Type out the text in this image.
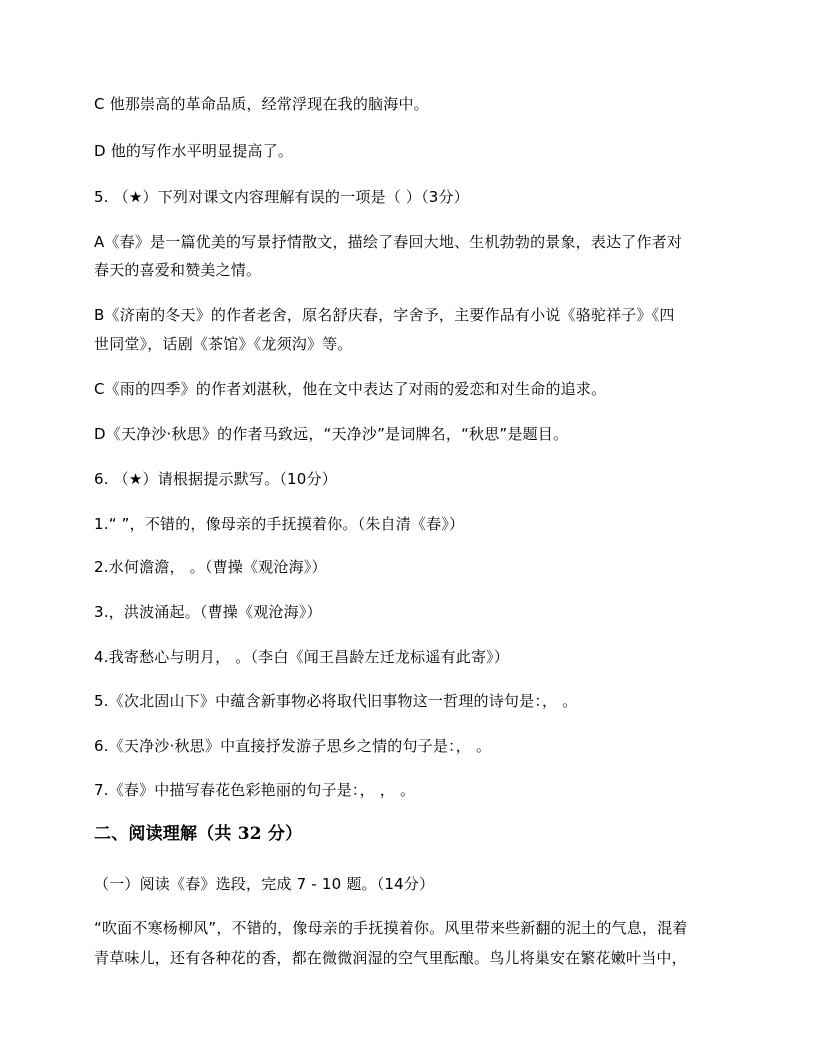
C 他那崇高的革命品质，经常浮现在我的脑海中。
D 他的写作水平明显提高了。
5. （★）下列对课文内容理解有误的一项是（ ）（3分）
A《春》是一篇优美的写景抒情散文，描绘了春回大地、生机勃勃的景象，表达了作者对
春天的喜爱和赞美之情。
B《济南的冬天》的作者老舍，原名舒庆春，字舍予，主要作品有小说《骆驼祥子》《四
世同堂》，话剧《茶馆》《龙须沟》等。
C《雨的四季》的作者刘湛秋，他在文中表达了对雨的爱恋和对生命的追求。
D《天净沙·秋思》的作者马致远，“天净沙”是词牌名，“秋思”是题目。
6. （★）请根据提示默写。（10分）
1.“ ”，不错的，像母亲的手抚摸着你。（朱自清《春》）
2.水何澹澹， 。（曹操《观沧海》）
3.，洪波涌起。（曹操《观沧海》）
4.我寄愁心与明月， 。（李白《闻王昌龄左迁龙标遥有此寄》）
5.《次北固山下》中蕴含新事物必将取代旧事物这一哲理的诗句是：， 。
6.《天净沙·秋思》中直接抒发游子思乡之情的句子是：， 。
7.《春》中描写春花色彩艳丽的句子是：， ， 。
二、阅读理解（共 32 分）
（一）阅读《春》选段，完成 7 - 10 题。（14分）
“吹面不寒杨柳风”，不错的，像母亲的手抚摸着你。风里带来些新翻的泥土的气息，混着
青草味儿，还有各种花的香，都在微微润湿的空气里酝酿。鸟儿将巢安在繁花嫩叶当中，
